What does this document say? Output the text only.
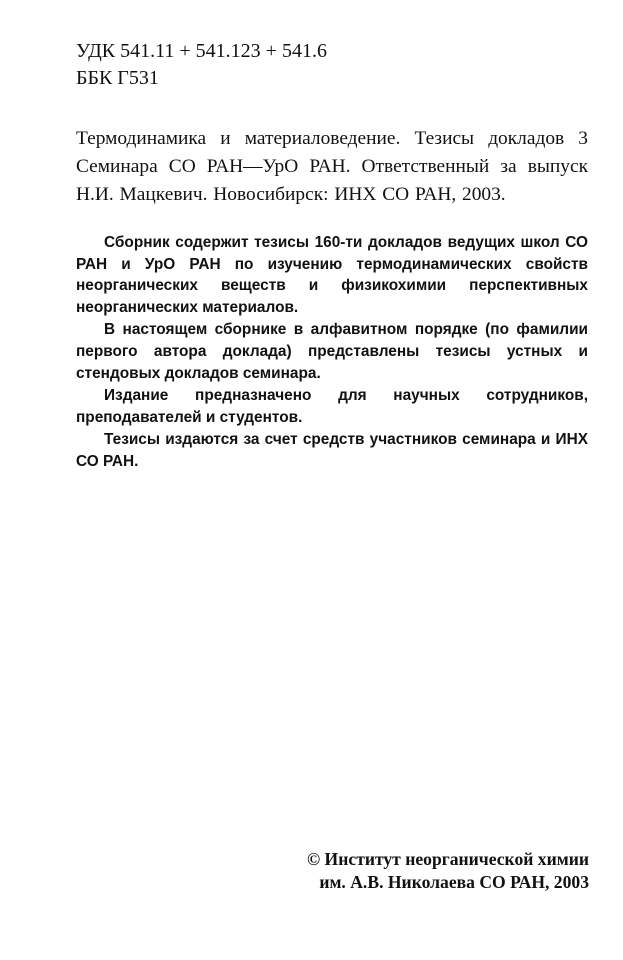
УДК 541.11 + 541.123 + 541.6
ББК Г531
Термодинамика и материаловедение. Тезисы докладов 3 Семинара СО РАН—УрО РАН. Ответственный за выпуск Н.И. Мацкевич. Новосибирск: ИНХ СО РАН, 2003.

Сборник содержит тезисы 160-ти докладов ведущих школ СО РАН и УрО РАН по изучению термодинамических свойств неорганических веществ и физикохимии перспективных неорганических материалов.

В настоящем сборнике в алфавитном порядке (по фамилии первого автора доклада) представлены тезисы устных и стендовых докладов семинара.

Издание предназначено для научных сотрудников, преподавателей и студентов.

Тезисы издаются за счет средств участников семинара и ИНХ СО РАН.

© Институт неорганической химии
им. А.В. Николаева СО РАН, 2003
